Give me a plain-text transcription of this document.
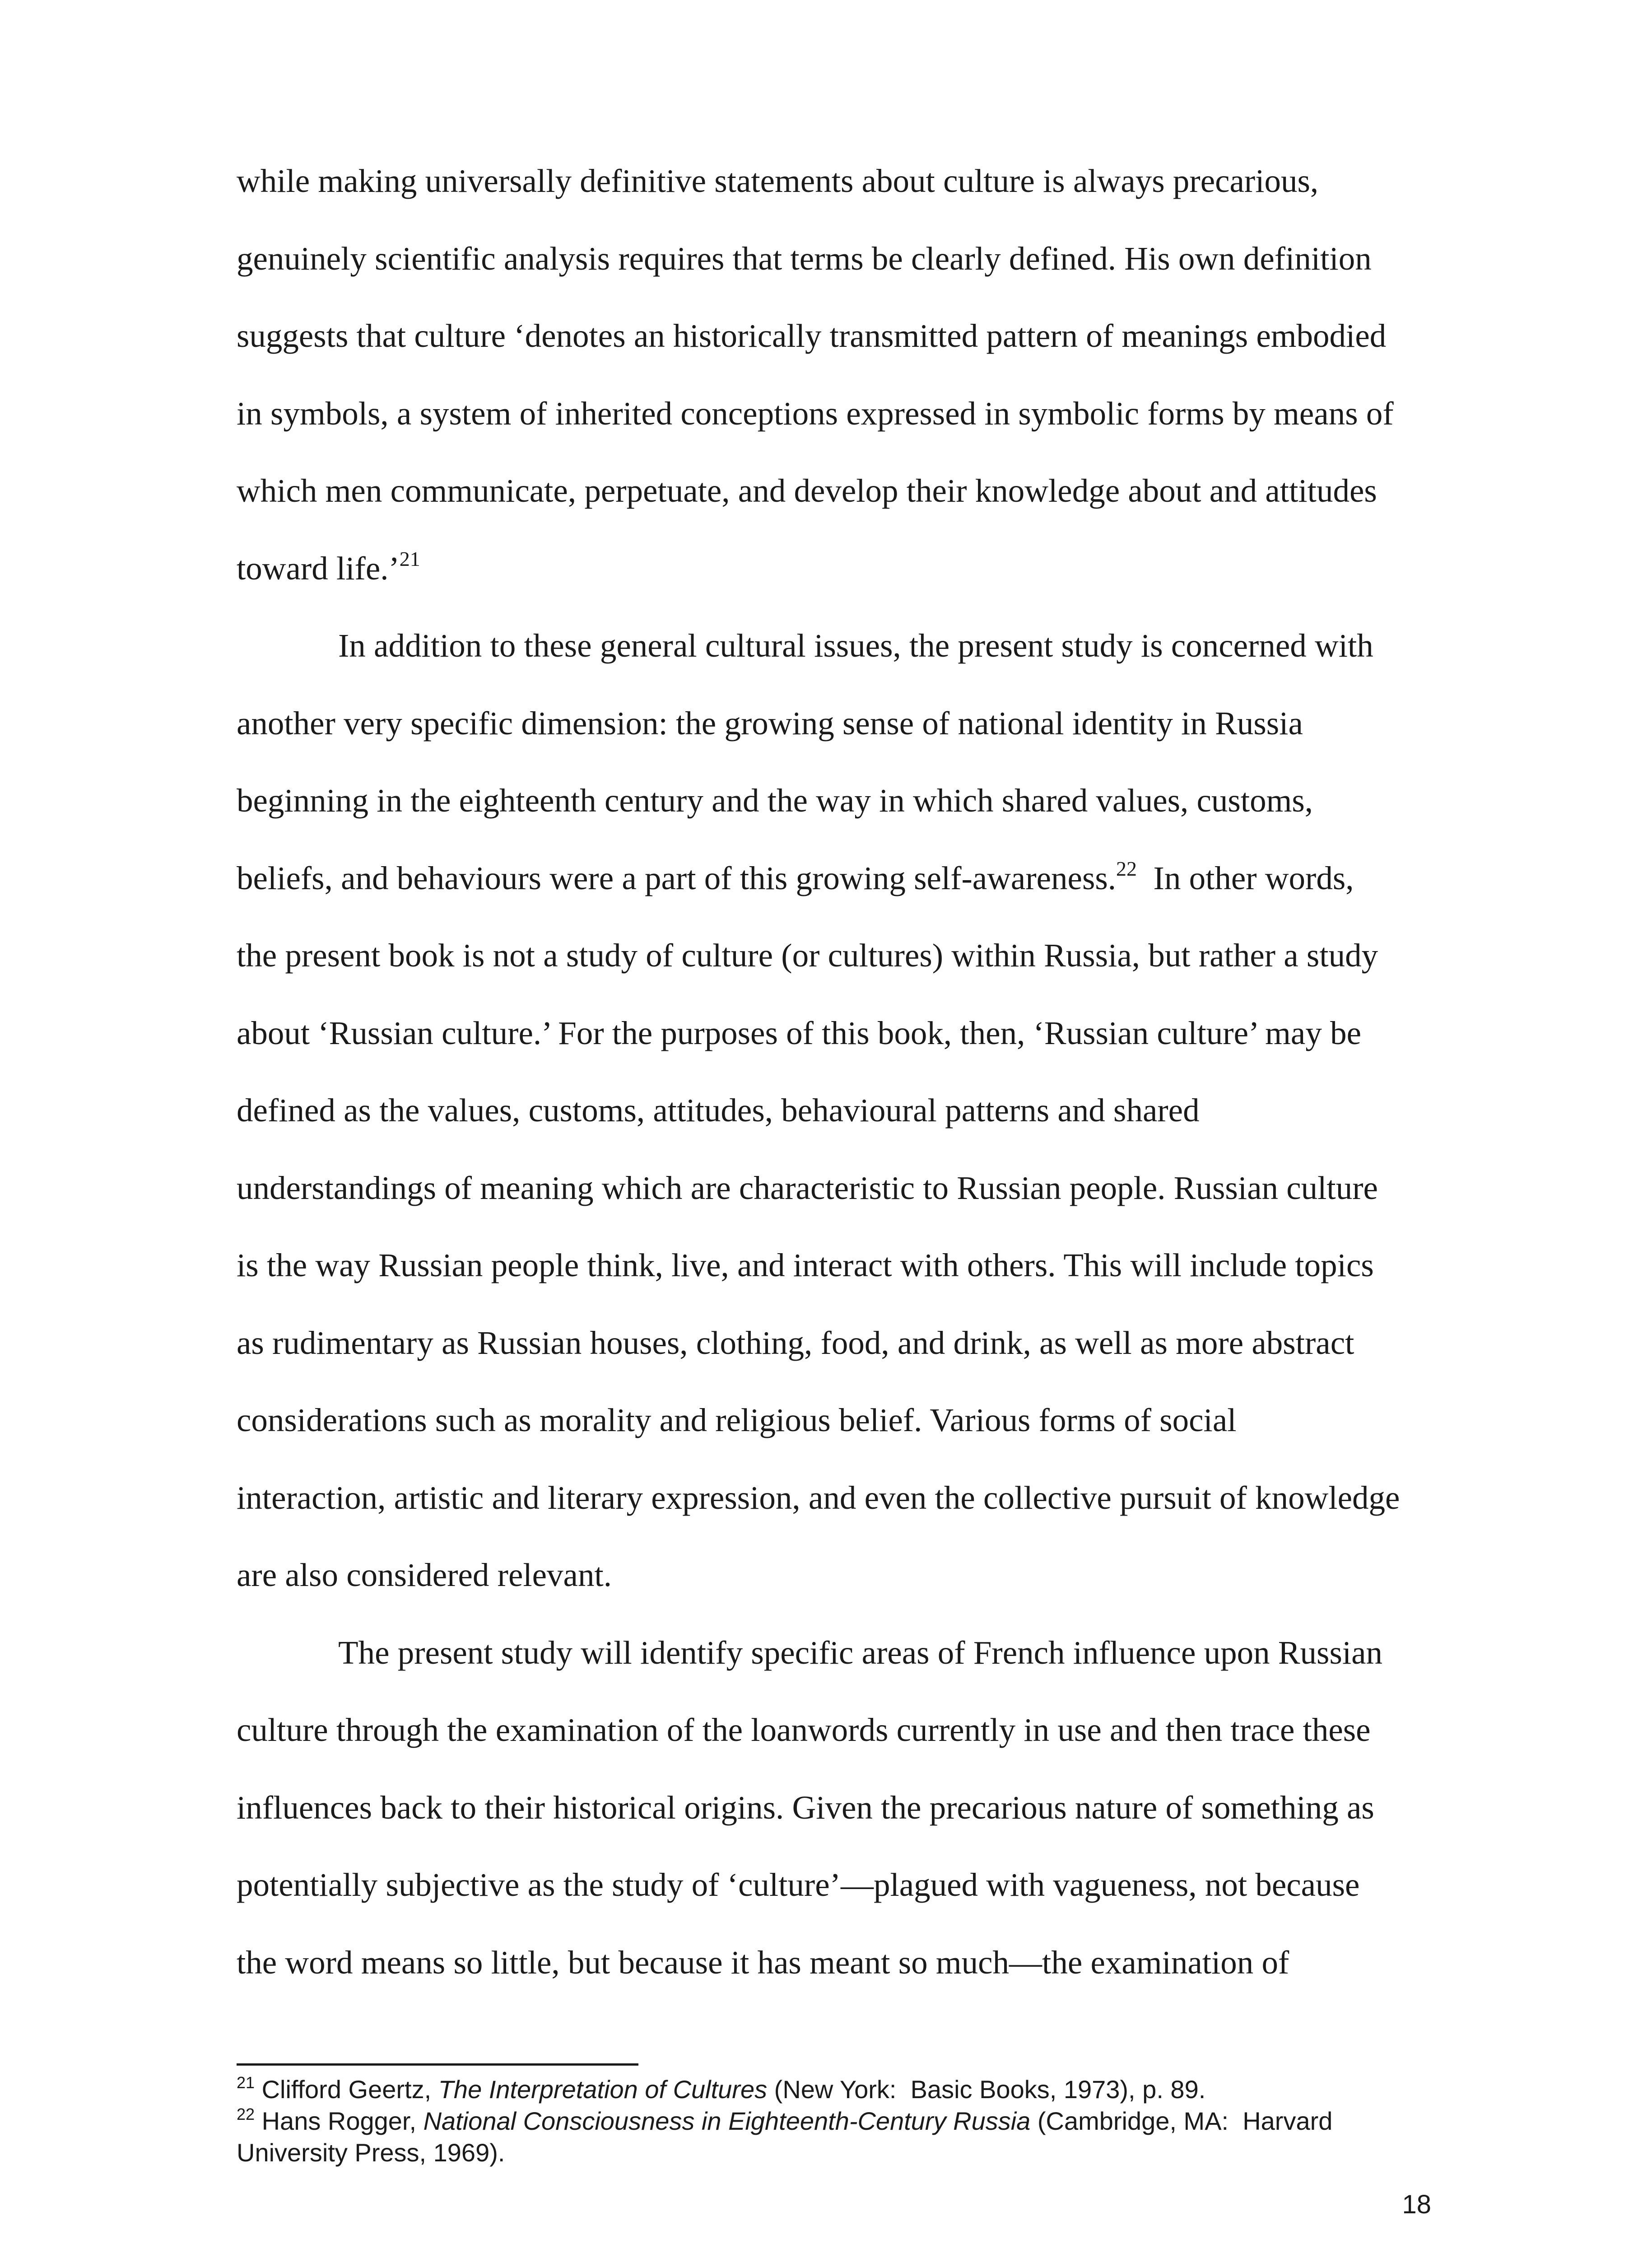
while making universally definitive statements about culture is always precarious,
genuinely scientific analysis requires that terms be clearly defined. His own definition
suggests that culture ‘denotes an historically transmitted pattern of meanings embodied
in symbols, a system of inherited conceptions expressed in symbolic forms by means of
which men communicate, perpetuate, and develop their knowledge about and attitudes
toward life.’$^{21}$
In addition to these general cultural issues, the present study is concerned with
another very specific dimension: the growing sense of national identity in Russia
beginning in the eighteenth century and the way in which shared values, customs,
beliefs, and behaviours were a part of this growing self-awareness.$^{22}$  In other words,
the present book is not a study of culture (or cultures) within Russia, but rather a study
about ‘Russian culture.’ For the purposes of this book, then, ‘Russian culture’ may be
defined as the values, customs, attitudes, behavioural patterns and shared
understandings of meaning which are characteristic to Russian people. Russian culture
is the way Russian people think, live, and interact with others. This will include topics
as rudimentary as Russian houses, clothing, food, and drink, as well as more abstract
considerations such as morality and religious belief. Various forms of social
interaction, artistic and literary expression, and even the collective pursuit of knowledge
are also considered relevant.
The present study will identify specific areas of French influence upon Russian
culture through the examination of the loanwords currently in use and then trace these
influences back to their historical origins. Given the precarious nature of something as
potentially subjective as the study of ‘culture’—plagued with vagueness, not because
the word means so little, but because it has meant so much—the examination of
$^{21}$ Clifford Geertz, The Interpretation of Cultures (New York:  Basic Books, 1973), p. 89.
$^{22}$ Hans Rogger, National Consciousness in Eighteenth-Century Russia (Cambridge, MA:  Harvard
University Press, 1969).
18
